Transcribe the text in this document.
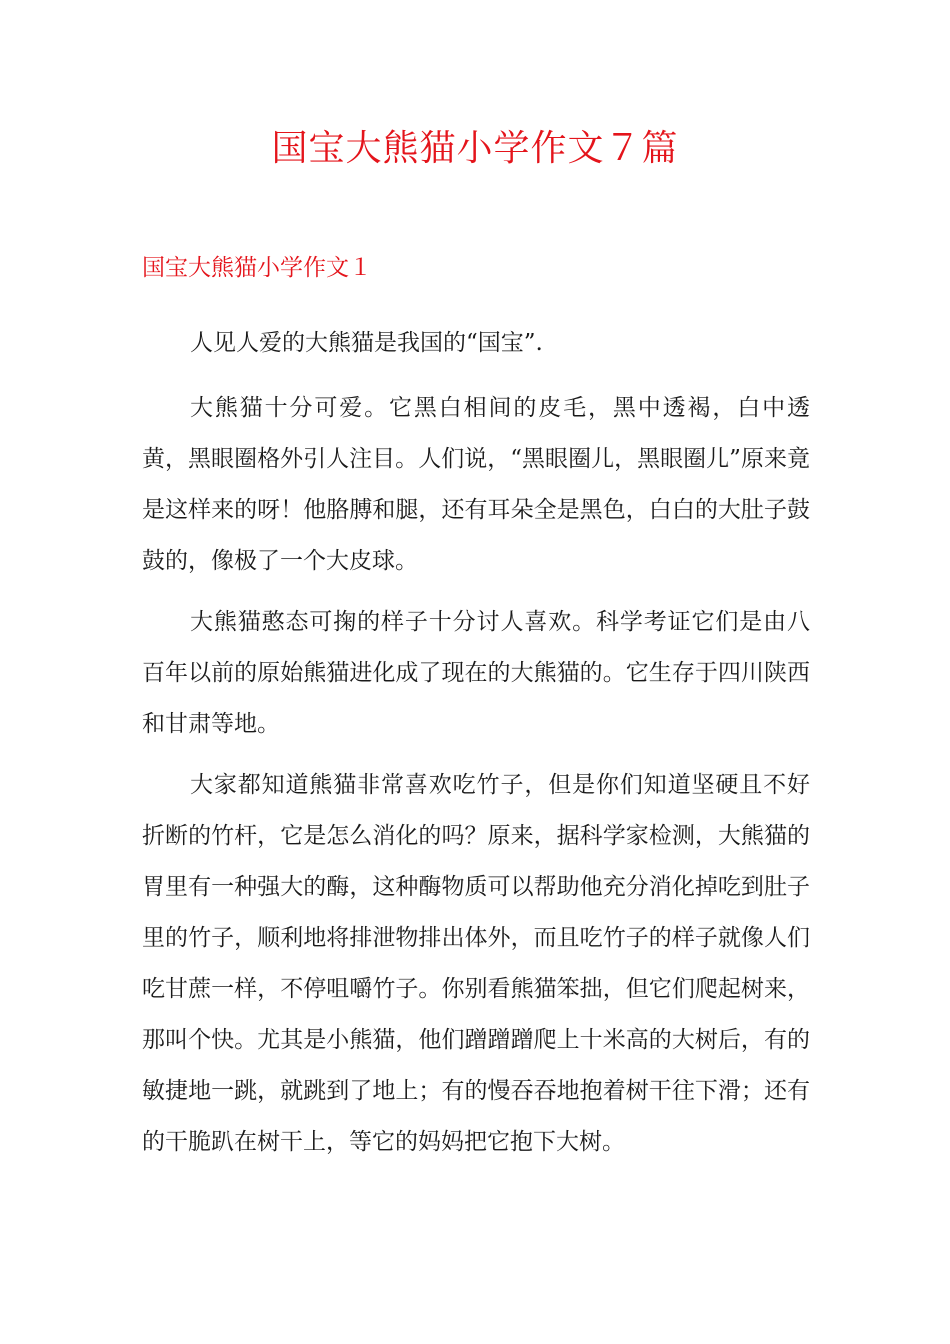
国宝大熊猫小学作文７篇
国宝大熊猫小学作文１

人见人爱的大熊猫是我国的“国宝”.

大熊猫十分可爱。它黑白相间的皮毛，黑中透褐，白中透黄，黑眼圈格外引人注目。人们说，“黑眼圈儿，黑眼圈儿”原来竟是这样来的呀！他胳膊和腿，还有耳朵全是黑色，白白的大肚子鼓鼓的，像极了一个大皮球。

大熊猫憨态可掬的样子十分讨人喜欢。科学考证它们是由八百年以前的原始熊猫进化成了现在的大熊猫的。它生存于四川陕西和甘肃等地。

大家都知道熊猫非常喜欢吃竹子，但是你们知道坚硬且不好折断的竹杆，它是怎么消化的吗？原来，据科学家检测，大熊猫的胃里有一种强大的酶，这种酶物质可以帮助他充分消化掉吃到肚子里的竹子，顺利地将排泄物排出体外，而且吃竹子的样子就像人们吃甘蔗一样，不停咀嚼竹子。你别看熊猫笨拙，但它们爬起树来，那叫个快。尤其是小熊猫，他们蹭蹭蹭爬上十米高的大树后，有的敏捷地一跳，就跳到了地上；有的慢吞吞地抱着树干往下滑；还有的干脆趴在树干上，等它的妈妈把它抱下大树。
